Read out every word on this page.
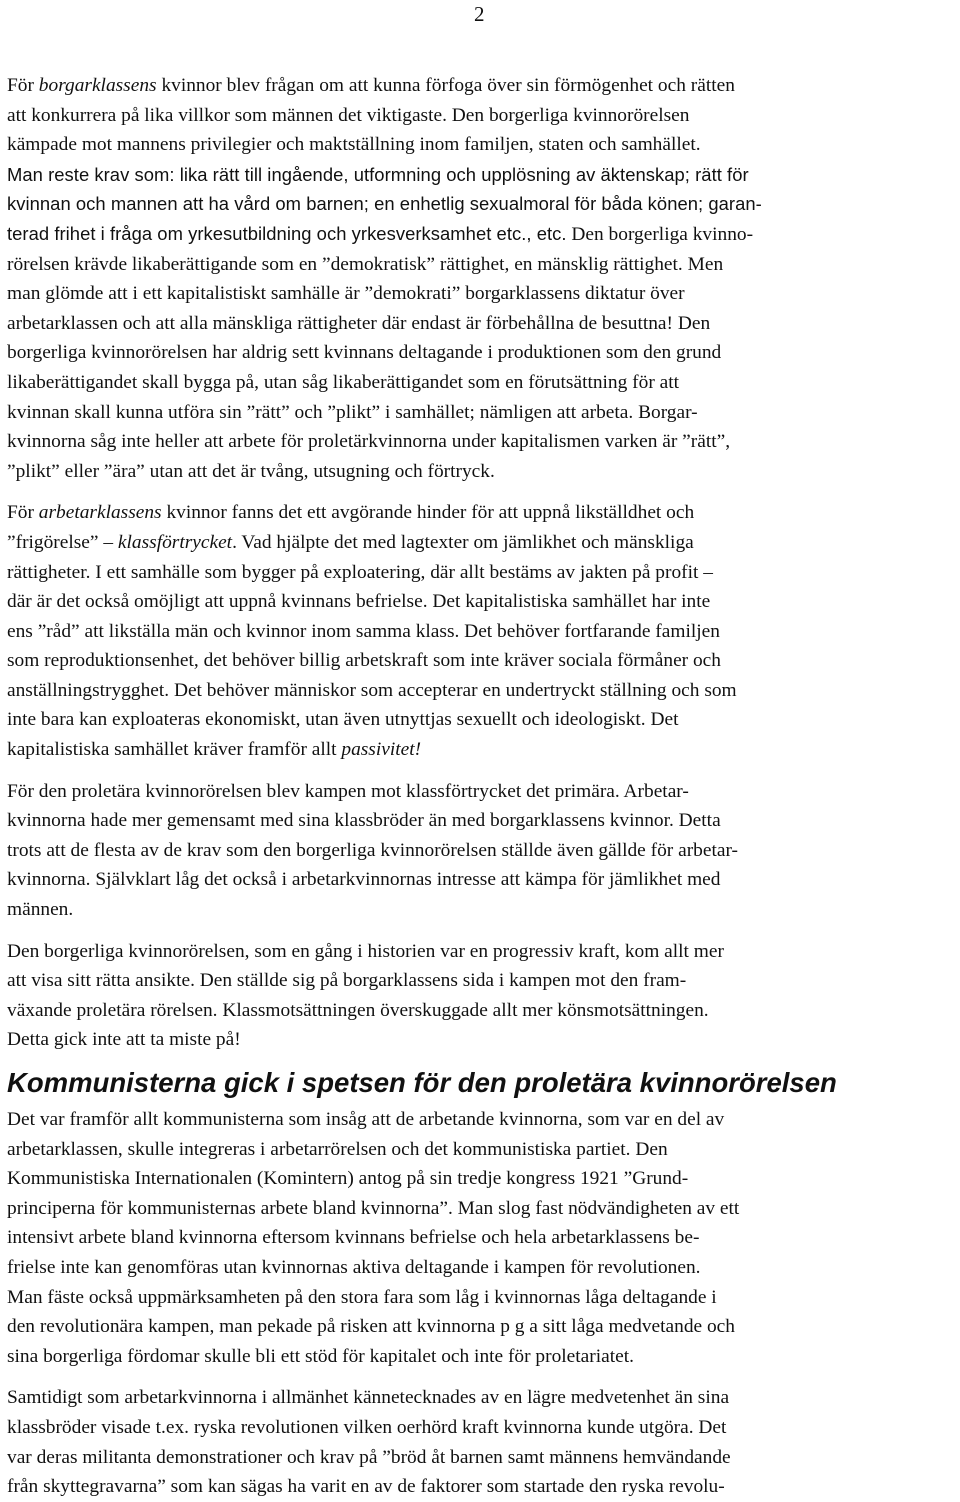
2
För borgarklassens kvinnor blev frågan om att kunna förfoga över sin förmögenhet och rätten
att konkurrera på lika villkor som männen det viktigaste. Den borgerliga kvinnorörelsen
kämpade mot mannens privilegier och maktställning inom familjen, staten och samhället.
Man reste krav som: lika rätt till ingående, utformning och upplösning av äktenskap; rätt för
kvinnan och mannen att ha vård om barnen; en enhetlig sexualmoral för båda könen; garan-
terad frihet i fråga om yrkesutbildning och yrkesverksamhet etc., etc. Den borgerliga kvinno-
rörelsen krävde likaberättigande som en ”demokratisk” rättighet, en mänsklig rättighet. Men
man glömde att i ett kapitalistiskt samhälle är ”demokrati” borgarklassens diktatur över
arbetarklassen och att alla mänskliga rättigheter där endast är förbehållna de besuttna! Den
borgerliga kvinnorörelsen har aldrig sett kvinnans deltagande i produktionen som den grund
likaberättigandet skall bygga på, utan såg likaberättigandet som en förutsättning för att
kvinnan skall kunna utföra sin ”rätt” och ”plikt” i samhället; nämligen att arbeta. Borgar-
kvinnorna såg inte heller att arbete för proletärkvinnorna under kapitalismen varken är ”rätt”,
”plikt” eller ”ära” utan att det är tvång, utsugning och förtryck.
För arbetarklassens kvinnor fanns det ett avgörande hinder för att uppnå likställdhet och
”frigörelse” – klassförtrycket. Vad hjälpte det med lagtexter om jämlikhet och mänskliga
rättigheter. I ett samhälle som bygger på exploatering, där allt bestäms av jakten på profit –
där är det också omöjligt att uppnå kvinnans befrielse. Det kapitalistiska samhället har inte
ens ”råd” att likställa män och kvinnor inom samma klass. Det behöver fortfarande familjen
som reproduktionsenhet, det behöver billig arbetskraft som inte kräver sociala förmåner och
anställningstrygghet. Det behöver människor som accepterar en undertryckt ställning och som
inte bara kan exploateras ekonomiskt, utan även utnyttjas sexuellt och ideologiskt. Det
kapitalistiska samhället kräver framför allt passivitet!
För den proletära kvinnorörelsen blev kampen mot klassförtrycket det primära. Arbetar-
kvinnorna hade mer gemensamt med sina klassbröder än med borgarklassens kvinnor. Detta
trots att de flesta av de krav som den borgerliga kvinnorörelsen ställde även gällde för arbetar-
kvinnorna. Självklart låg det också i arbetarkvinnornas intresse att kämpa för jämlikhet med
männen.
Den borgerliga kvinnorörelsen, som en gång i historien var en progressiv kraft, kom allt mer
att visa sitt rätta ansikte. Den ställde sig på borgarklassens sida i kampen mot den fram-
växande proletära rörelsen. Klassmotsättningen överskuggade allt mer könsmotsättningen.
Detta gick inte att ta miste på!
Kommunisterna gick i spetsen för den proletära kvinnorörelsen
Det var framför allt kommunisterna som insåg att de arbetande kvinnorna, som var en del av
arbetarklassen, skulle integreras i arbetarrörelsen och det kommunistiska partiet. Den
Kommunistiska Internationalen (Komintern) antog på sin tredje kongress 1921 ”Grund-
principerna för kommunisternas arbete bland kvinnorna”. Man slog fast nödvändigheten av ett
intensivt arbete bland kvinnorna eftersom kvinnans befrielse och hela arbetarklassens be-
frielse inte kan genomföras utan kvinnornas aktiva deltagande i kampen för revolutionen.
Man fäste också uppmärksamheten på den stora fara som låg i kvinnornas låga deltagande i
den revolutionära kampen, man pekade på risken att kvinnorna p g a sitt låga medvetande och
sina borgerliga fördomar skulle bli ett stöd för kapitalet och inte för proletariatet.
Samtidigt som arbetarkvinnorna i allmänhet kännetecknades av en lägre medvetenhet än sina
klassbröder visade t.ex. ryska revolutionen vilken oerhörd kraft kvinnorna kunde utgöra. Det
var deras militanta demonstrationer och krav på ”bröd åt barnen samt männens hemvändande
från skyttegravarna” som kan sägas ha varit en av de faktorer som startade den ryska revolu-
